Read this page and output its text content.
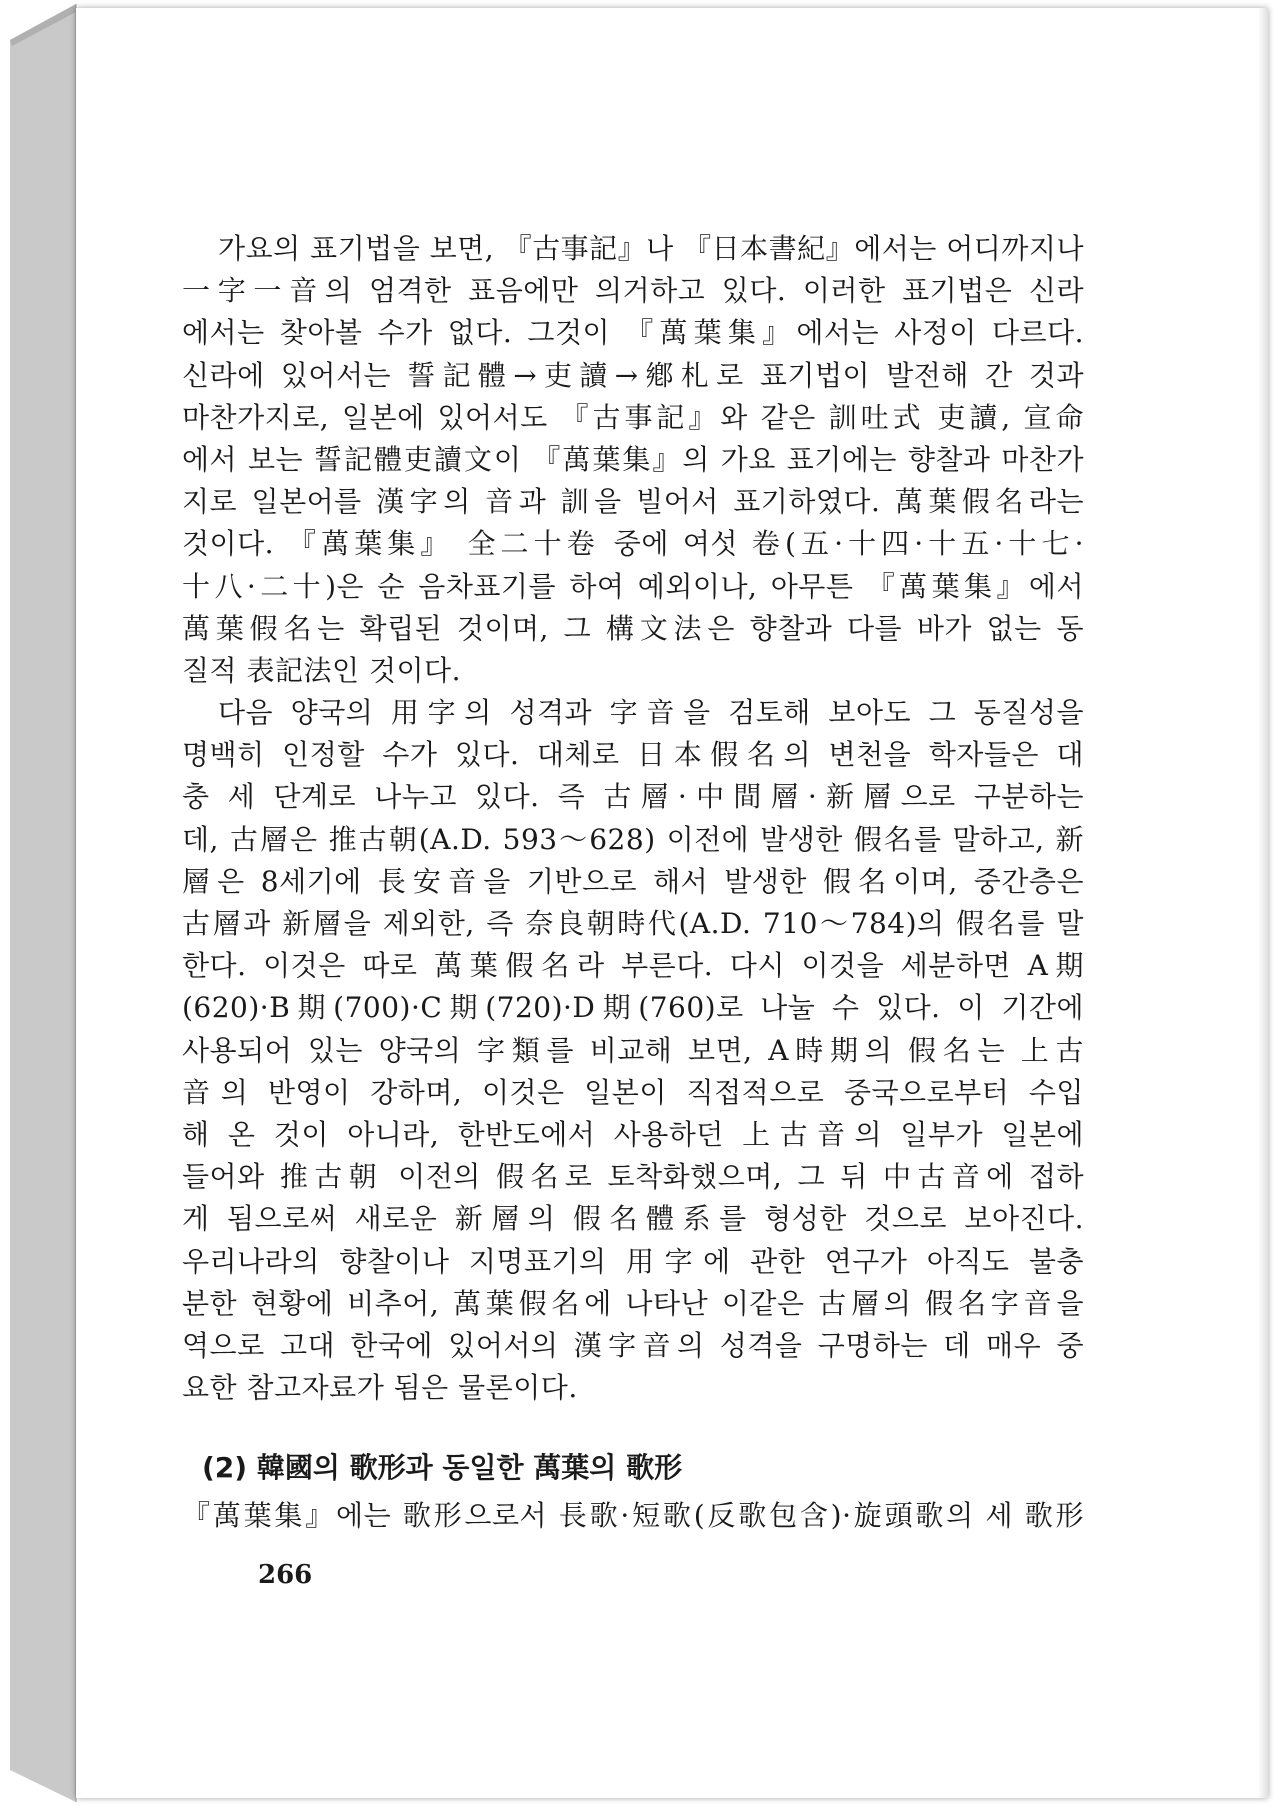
가요의 표기법을 보면, 『古事記』나 『日本書紀』에서는 어디까지나
一字一音의 엄격한 표음에만 의거하고 있다. 이러한 표기법은 신라
에서는 찾아볼 수가 없다. 그것이 『萬葉集』에서는 사정이 다르다.
신라에 있어서는 誓記體→吏讀→鄕札로 표기법이 발전해 간 것과
마찬가지로, 일본에 있어서도 『古事記』와 같은 訓吐式 吏讀, 宣命
에서 보는 誓記體吏讀文이 『萬葉集』의 가요 표기에는 향찰과 마찬가
지로 일본어를 漢字의 音과 訓을 빌어서 표기하였다. 萬葉假名라는
것이다. 『萬葉集』 全二十卷 중에 여섯 卷(五·十四·十五·十七·
十八·二十)은 순 음차표기를 하여 예외이나, 아무튼 『萬葉集』에서
萬葉假名는 확립된 것이며, 그 構文法은 향찰과 다를 바가 없는 동
질적 表記法인 것이다.
다음 양국의 用字의 성격과 字音을 검토해 보아도 그 동질성을
명백히 인정할 수가 있다. 대체로 日本假名의 변천을 학자들은 대
충 세 단계로 나누고 있다. 즉 古層·中間層·新層으로 구분하는
데, 古層은 推古朝(A.D. 593～628) 이전에 발생한 假名를 말하고, 新
層은 8세기에 長安音을 기반으로 해서 발생한 假名이며, 중간층은
古層과 新層을 제외한, 즉 奈良朝時代(A.D. 710～784)의 假名를 말
한다. 이것은 따로 萬葉假名라 부른다. 다시 이것을 세분하면 A期
(620)·B期(700)·C期(720)·D期(760)로 나눌 수 있다. 이 기간에
사용되어 있는 양국의 字類를 비교해 보면, A時期의 假名는 上古
音의 반영이 강하며, 이것은 일본이 직접적으로 중국으로부터 수입
해 온 것이 아니라, 한반도에서 사용하던 上古音의 일부가 일본에
들어와 推古朝 이전의 假名로 토착화했으며, 그 뒤 中古音에 접하
게 됨으로써 새로운 新層의 假名體系를 형성한 것으로 보아진다.
우리나라의 향찰이나 지명표기의 用字에 관한 연구가 아직도 불충
분한 현황에 비추어, 萬葉假名에 나타난 이같은 古層의 假名字音을
역으로 고대 한국에 있어서의 漢字音의 성격을 구명하는 데 매우 중
요한 참고자료가 됨은 물론이다.
(2) 韓國의 歌形과 동일한 萬葉의 歌形
『萬葉集』에는 歌形으로서 長歌·短歌(反歌包含)·旋頭歌의 세 歌形
266
